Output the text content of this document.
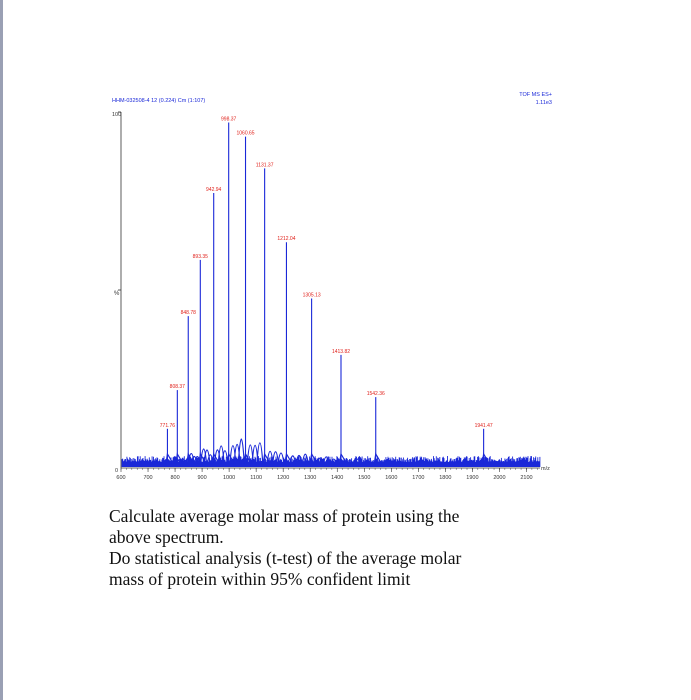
HHM-032508-4 12 (0.224) Cm (1:107)
TOF MS ES+
1.11e3
100
%
0	m/z
600	700	800	900	1000	1100	1200	1300	1400	1500	1600	1700	1800	1900	2000	2100
771.76
808.37
848.78
893.35
942.94
998.37
1060.65
1131.37
1212.04
1305.13
1413.82
1542.36
1941.47

Calculate average molar mass of protein using the

above spectrum.

Do statistical analysis (t-test) of the average molar

mass of protein within 95% confident limit
